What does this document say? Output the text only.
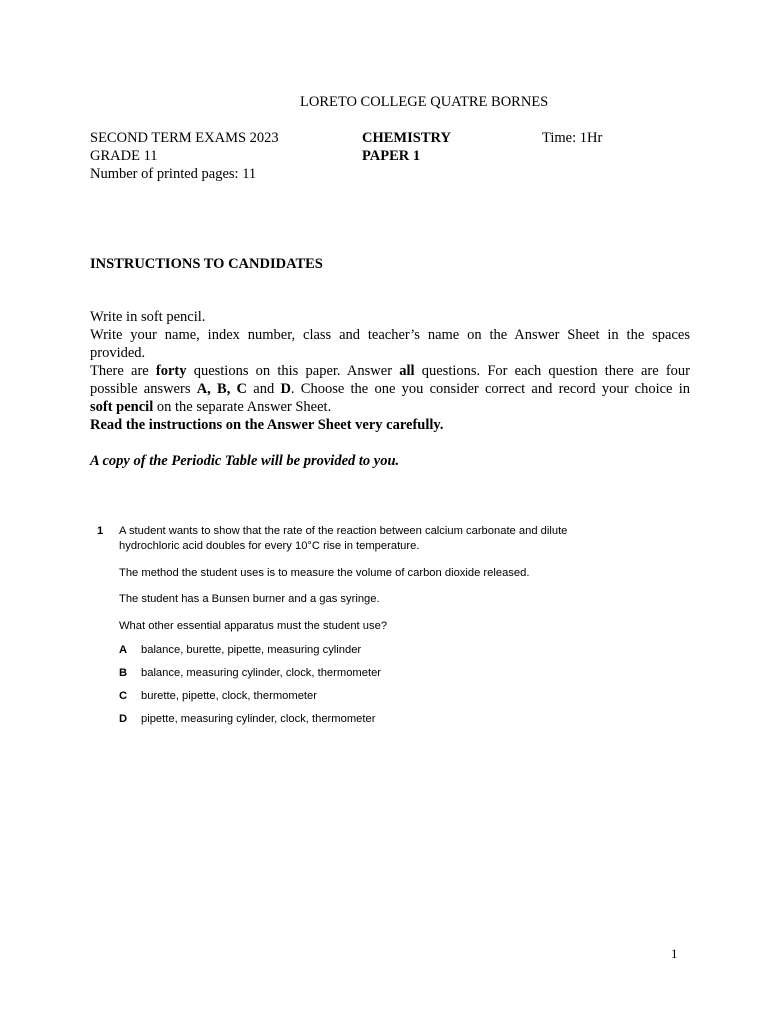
LORETO COLLEGE QUATRE BORNES
SECOND TERM EXAMS 2023	CHEMISTRY	Time: 1Hr
GRADE 11	PAPER 1
Number of printed pages: 11
INSTRUCTIONS TO CANDIDATES
Write in soft pencil.
Write your name, index number, class and teacher’s name on the Answer Sheet in the spaces
provided.
There are forty questions on this paper. Answer all questions. For each question there are four
possible answers A, B, C and D. Choose the one you consider correct and record your choice in
soft pencil on the separate Answer Sheet.
Read the instructions on the Answer Sheet very carefully.
A copy of the Periodic Table will be provided to you.
1 A student wants to show that the rate of the reaction between calcium carbonate and dilute
hydrochloric acid doubles for every 10°C rise in temperature.
The method the student uses is to measure the volume of carbon dioxide released.
The student has a Bunsen burner and a gas syringe.
What other essential apparatus must the student use?
A balance, burette, pipette, measuring cylinder
B balance, measuring cylinder, clock, thermometer
C burette, pipette, clock, thermometer
D pipette, measuring cylinder, clock, thermometer
1
